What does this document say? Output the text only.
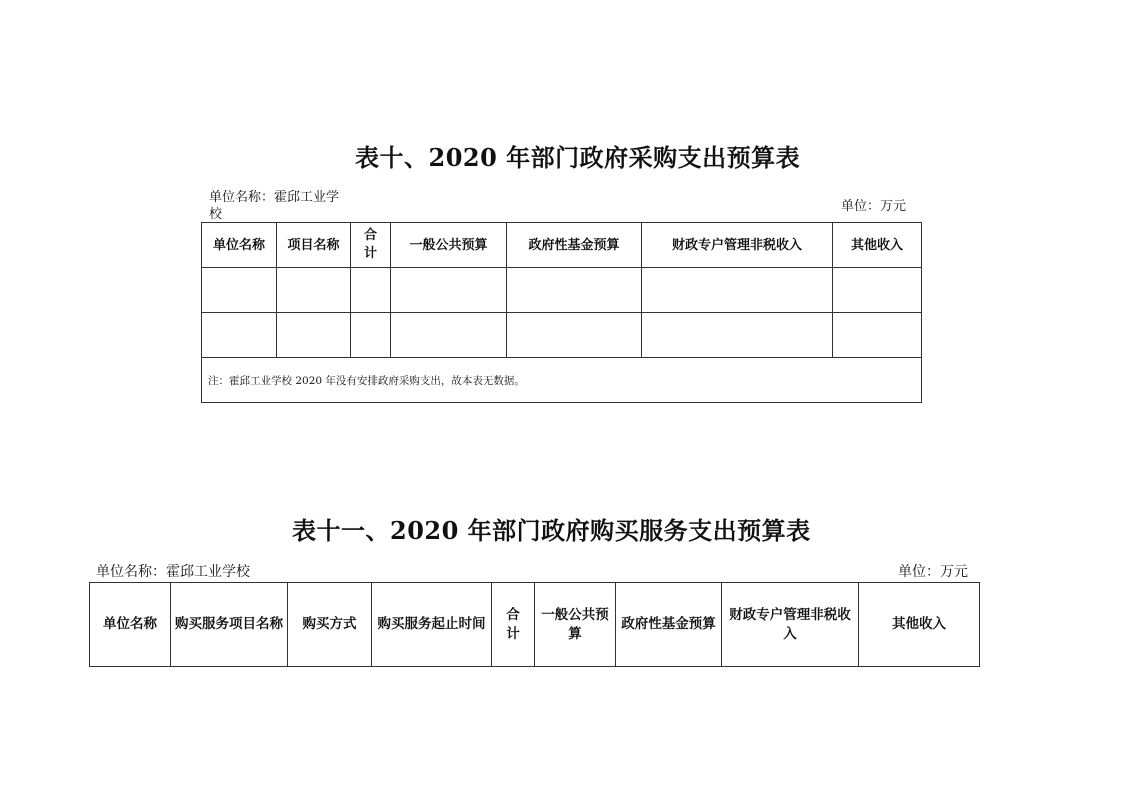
表十、2020 年部门政府采购支出预算表
单位名称：霍邱工业学校
单位：万元
单位名称	项目名称	合计	一般公共预算	政府性基金预算	财政专户管理非税收入	其他收入

注：霍邱工业学校 2020 年没有安排政府采购支出，故本表无数据。						
表十一、2020 年部门政府购买服务支出预算表
单位名称：霍邱工业学校	单位：万元
单位名称	购买服务项目名称	购买方式	购买服务起止时间	合计	一般公共预算	政府性基金预算	财政专户管理非税收入	其他收入
